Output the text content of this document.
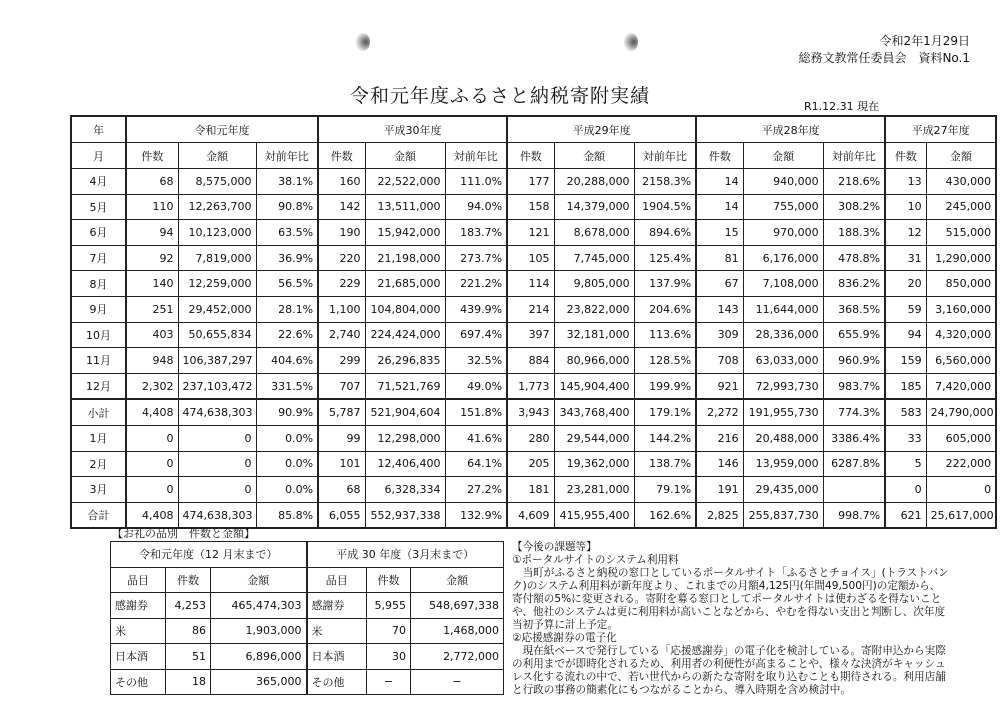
令和2年1月29日
総務文教常任委員会　資料No.1
令和元年度ふるさと納税寄附実績	R1.12.31 現在
年	令和元年度			平成30年度			平成29年度			平成28年度			平成27年度	
月	件数	金額	対前年比	件数	金額	対前年比	件数	金額	対前年比	件数	金額	対前年比	件数	金額
4月	68	8,575,000	38.1%	160	22,522,000	111.0%	177	20,288,000	2158.3%	14	940,000	218.6%	13	430,000
5月	110	12,263,700	90.8%	142	13,511,000	94.0%	158	14,379,000	1904.5%	14	755,000	308.2%	10	245,000
6月	94	10,123,000	63.5%	190	15,942,000	183.7%	121	8,678,000	894.6%	15	970,000	188.3%	12	515,000
7月	92	7,819,000	36.9%	220	21,198,000	273.7%	105	7,745,000	125.4%	81	6,176,000	478.8%	31	1,290,000
8月	140	12,259,000	56.5%	229	21,685,000	221.2%	114	9,805,000	137.9%	67	7,108,000	836.2%	20	850,000
9月	251	29,452,000	28.1%	1,100	104,804,000	439.9%	214	23,822,000	204.6%	143	11,644,000	368.5%	59	3,160,000
10月	403	50,655,834	22.6%	2,740	224,424,000	697.4%	397	32,181,000	113.6%	309	28,336,000	655.9%	94	4,320,000
11月	948	106,387,297	404.6%	299	26,296,835	32.5%	884	80,966,000	128.5%	708	63,033,000	960.9%	159	6,560,000
12月	2,302	237,103,472	331.5%	707	71,521,769	49.0%	1,773	145,904,400	199.9%	921	72,993,730	983.7%	185	7,420,000
小計	4,408	474,638,303	90.9%	5,787	521,904,604	151.8%	3,943	343,768,400	179.1%	2,272	191,955,730	774.3%	583	24,790,000
1月	0	0	0.0%	99	12,298,000	41.6%	280	29,544,000	144.2%	216	20,488,000	3386.4%	33	605,000
2月	0	0	0.0%	101	12,406,400	64.1%	205	19,362,000	138.7%	146	13,959,000	6287.8%	5	222,000
3月	0	0	0.0%	68	6,328,334	27.2%	181	23,281,000	79.1%	191	29,435,000		0	0
合計	4,408	474,638,303	85.8%	6,055	552,937,338	132.9%	4,609	415,955,400	162.6%	2,825	255,837,730	998.7%	621	25,617,000
【お礼の品別　件数と金額】
令和元年度（12 月末まで）			平成 30 年度（3月末まで）		
品目	件数	金額	品目	件数	金額
感謝券	4,253	465,474,303	感謝券	5,955	548,697,338
米	86	1,903,000	米	70	1,468,000
日本酒	51	6,896,000	日本酒	30	2,772,000
その他	18	365,000	その他	−	−

【今後の課題等】

①ポータルサイトのシステム利用料

当町がふるさと納税の窓口としているポータルサイト「ふるさとチョイス」(トラストバンク)のシステム利用料が新年度より、これまでの月額4,125円(年間49,500円)の定額から、寄付額の5%に変更される。寄附を募る窓口としてポータルサイトは使わざるを得ないことや、他社のシステムは更に利用料が高いことなどから、やむを得ない支出と判断し、次年度当初予算に計上予定。

②応援感謝券の電子化

現在紙ベースで発行している「応援感謝券」の電子化を検討している。寄附申込から実際の利用までが即時化されるため、利用者の利便性が高まることや、様々な決済がキャッシュレス化する流れの中で、若い世代からの新たな寄附を取り込むことも期待される。利用店舗と行政の事務の簡素化にもつながることから、導入時期を含め検討中。
